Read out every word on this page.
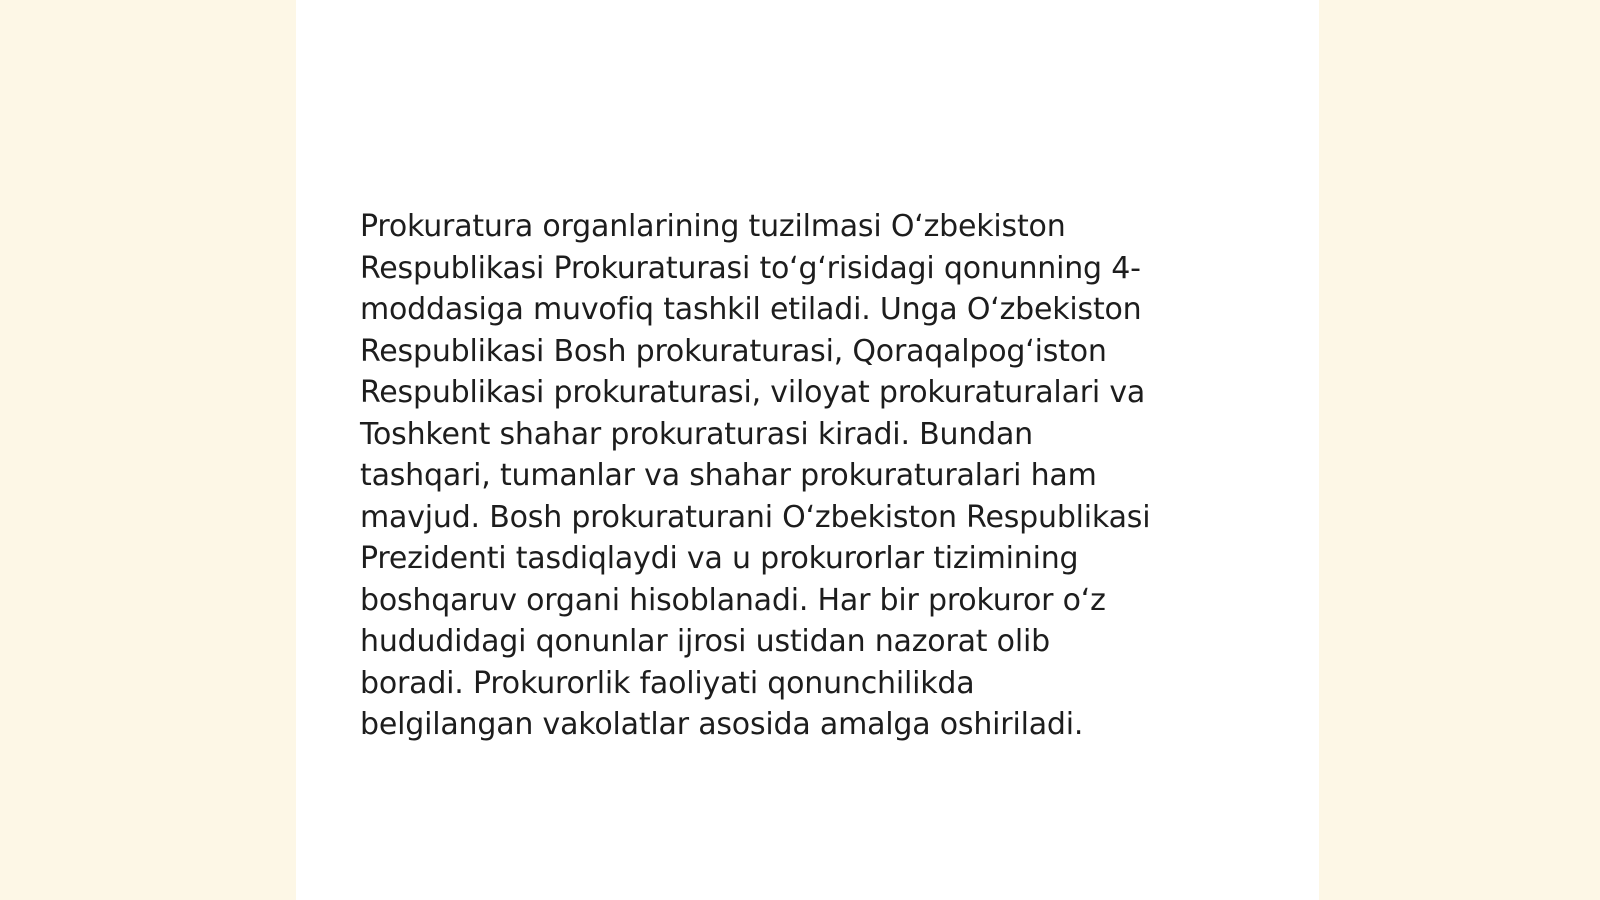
Prokuratura organlarining tuzilmasi O‘zbekiston
Respublikasi Prokuraturasi to‘g‘risidagi qonunning 4-
moddasiga muvofiq tashkil etiladi. Unga O‘zbekiston
Respublikasi Bosh prokuraturasi, Qoraqalpog‘iston
Respublikasi prokuraturasi, viloyat prokuraturalari va
Toshkent shahar prokuraturasi kiradi. Bundan
tashqari, tumanlar va shahar prokuraturalari ham
mavjud. Bosh prokuraturani O‘zbekiston Respublikasi
Prezidenti tasdiqlaydi va u prokurorlar tizimining
boshqaruv organi hisoblanadi. Har bir prokuror o‘z
hududidagi qonunlar ijrosi ustidan nazorat olib
boradi. Prokurorlik faoliyati qonunchilikda
belgilangan vakolatlar asosida amalga oshiriladi.
